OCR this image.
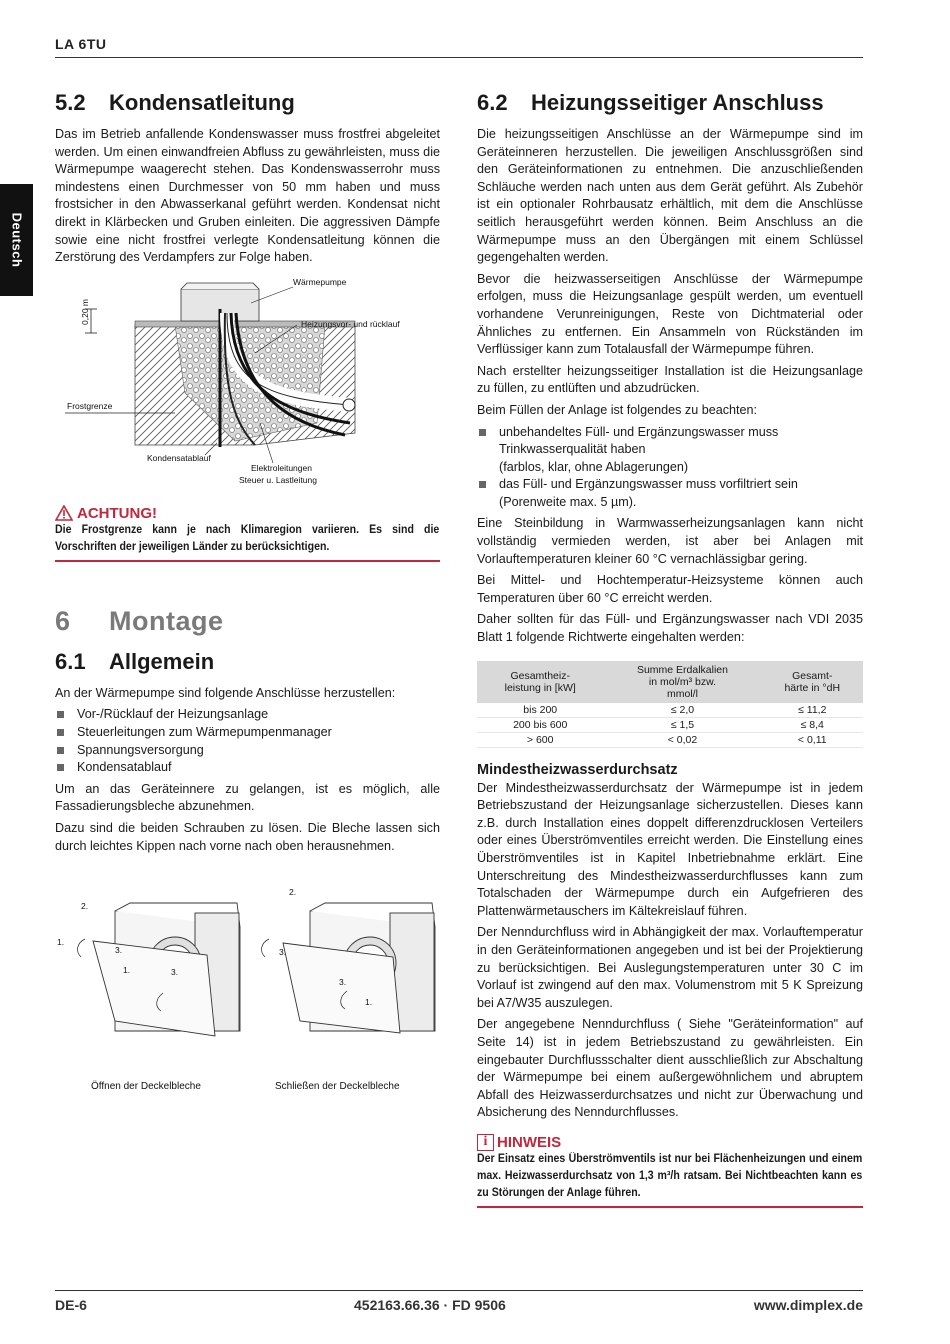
LA 6TU
Deutsch
5.2 Kondensatleitung

Das im Betrieb anfallende Kondenswasser muss frostfrei abgeleitet werden. Um einen einwandfreien Abfluss zu gewährleisten, muss die Wärmepumpe waagerecht stehen. Das Kondenswasserrohr muss mindestens einen Durchmesser von 50 mm haben und muss frostsicher in den Abwasserkanal geführt werden. Kondensat nicht direkt in Klärbecken und Gruben einleiten. Die aggressiven Dämpfe sowie eine nicht frostfrei verlegte Kondensatleitung können die Zerstörung des Verdampfers zur Folge haben.

Wärmepumpe
0,20 m	Heizungsvor- und rücklauf
Frostgrenze
Kondensatablauf
Elektroleitungen
Steuer u. Lastleitung
ACHTUNG!
Die Frostgrenze kann je nach Klimaregion variieren. Es sind die Vorschriften der jeweiligen Länder zu berücksichtigen.
6 Montage
6.1 Allgemein

An der Wärmepumpe sind folgende Anschlüsse herzustellen:

Vor-/Rücklauf der Heizungsanlage
Steuerleitungen zum Wärmepumpenmanager
Spannungsversorgung
Kondensatablauf

Um an das Geräteinnere zu gelangen, ist es möglich, alle Fassadierungsbleche abzunehmen.

Dazu sind die beiden Schrauben zu lösen. Die Bleche lassen sich durch leichtes Kippen nach vorne nach oben herausnehmen.

2.
1.
3.
1.	3.
2.
3.
3.
1.
Öffnen der Deckelbleche	Schließen der Deckelbleche
6.2 Heizungsseitiger Anschluss

Die heizungsseitigen Anschlüsse an der Wärmepumpe sind im Geräteinneren herzustellen. Die jeweiligen Anschlussgrößen sind den Geräteinformationen zu entnehmen. Die anzuschließenden Schläuche werden nach unten aus dem Gerät geführt. Als Zubehör ist ein optionaler Rohrbausatz erhältlich, mit dem die Anschlüsse seitlich herausgeführt werden können. Beim Anschluss an die Wärmepumpe muss an den Übergängen mit einem Schlüssel gegengehalten werden.

Bevor die heizwasserseitigen Anschlüsse der Wärmepumpe erfolgen, muss die Heizungsanlage gespült werden, um eventuell vorhandene Verunreinigungen, Reste von Dichtmaterial oder Ähnliches zu entfernen. Ein Ansammeln von Rückständen im Verflüssiger kann zum Totalausfall der Wärmepumpe führen.

Nach erstellter heizungsseitiger Installation ist die Heizungsanlage zu füllen, zu entlüften und abzudrücken.

Beim Füllen der Anlage ist folgendes zu beachten:

unbehandeltes Füll- und Ergänzungswasser muss Trinkwasserqualität haben
(farblos, klar, ohne Ablagerungen)
das Füll- und Ergänzungswasser muss vorfiltriert sein (Porenweite max. 5 µm).

Eine Steinbildung in Warmwasserheizungsanlagen kann nicht vollständig vermieden werden, ist aber bei Anlagen mit Vorlauftemperaturen kleiner 60 °C vernachlässigbar gering.

Bei Mittel- und Hochtemperatur-Heizsysteme können auch Temperaturen über 60 °C erreicht werden.

Daher sollten für das Füll- und Ergänzungswasser nach VDI 2035 Blatt 1 folgende Richtwerte eingehalten werden:

Gesamtheiz-
leistung in [kW]	Summe Erdalkalien
in mol/m³ bzw.
mmol/l	Gesamt-
härte in °dH
bis 200	≤ 2,0	≤ 11,2
200 bis 600	≤ 1,5	≤ 8,4
> 600	< 0,02	< 0,11
Mindestheizwasserdurchsatz

Der Mindestheizwasserdurchsatz der Wärmepumpe ist in jedem Betriebszustand der Heizungsanlage sicherzustellen. Dieses kann z.B. durch Installation eines doppelt differenzdrucklosen Verteilers oder eines Überströmventiles erreicht werden. Die Einstellung eines Überströmventiles ist in Kapitel Inbetriebnahme erklärt. Eine Unterschreitung des Mindestheizwasserdurchflusses kann zum Totalschaden der Wärmepumpe durch ein Aufgefrieren des Plattenwärmetauschers im Kältekreislauf führen.

Der Nenndurchfluss wird in Abhängigkeit der max. Vorlauftemperatur in den Geräteinformationen angegeben und ist bei der Projektierung zu berücksichtigen. Bei Auslegungstemperaturen unter 30 C im Vorlauf ist zwingend auf den max. Volumenstrom mit 5 K Spreizung bei A7/W35 auszulegen.

Der angegebene Nenndurchfluss ( Siehe "Geräteinformation" auf Seite 14) ist in jedem Betriebszustand zu gewährleisten. Ein eingebauter Durchflussschalter dient ausschließlich zur Abschaltung der Wärmepumpe bei einem außergewöhnlichem und abruptem Abfall des Heizwasserdurchsatzes und nicht zur Überwachung und Absicherung des Nenndurchflusses.

i HINWEIS
Der Einsatz eines Überströmventils ist nur bei Flächenheizungen und einem max. Heizwasserdurchsatz von 1,3 m³/h ratsam. Bei Nichtbeachten kann es zu Störungen der Anlage führen.
DE-6	452163.66.36 · FD 9506	www.dimplex.de
